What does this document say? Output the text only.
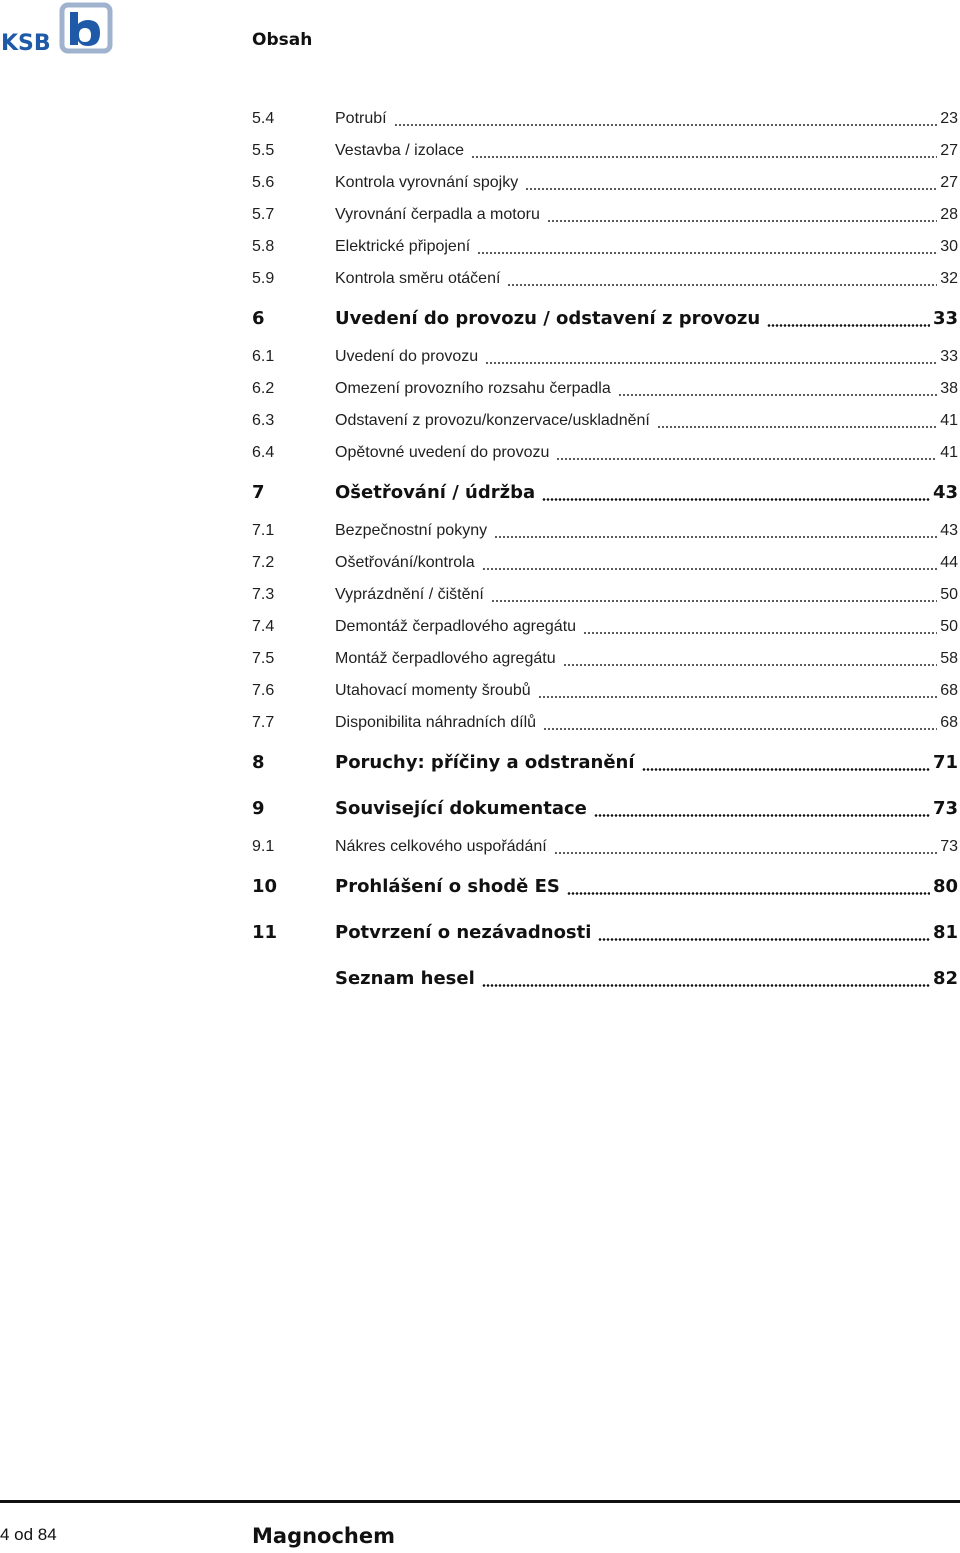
KSB	Obsah
5.4	Potrubí	23
5.5	Vestavba / izolace	27
5.6	Kontrola vyrovnání spojky	27
5.7	Vyrovnání čerpadla a motoru	28
5.8	Elektrické připojení	30
5.9	Kontrola směru otáčení	32
6	Uvedení do provozu / odstavení z provozu	33
6.1	Uvedení do provozu	33
6.2	Omezení provozního rozsahu čerpadla	38
6.3	Odstavení z provozu/konzervace/uskladnění	41
6.4	Opětovné uvedení do provozu	41
7	Ošetřování / údržba	43
7.1	Bezpečnostní pokyny	43
7.2	Ošetřování/kontrola	44
7.3	Vyprázdnění / čištění	50
7.4	Demontáž čerpadlového agregátu	50
7.5	Montáž čerpadlového agregátu	58
7.6	Utahovací momenty šroubů	68
7.7	Disponibilita náhradních dílů	68
8	Poruchy: příčiny a odstranění	71
9	Související dokumentace	73
9.1	Nákres celkového uspořádání	73
10	Prohlášení o shodě ES	80
11	Potvrzení o nezávadnosti	81
Seznam hesel	82
4 od 84	Magnochem
